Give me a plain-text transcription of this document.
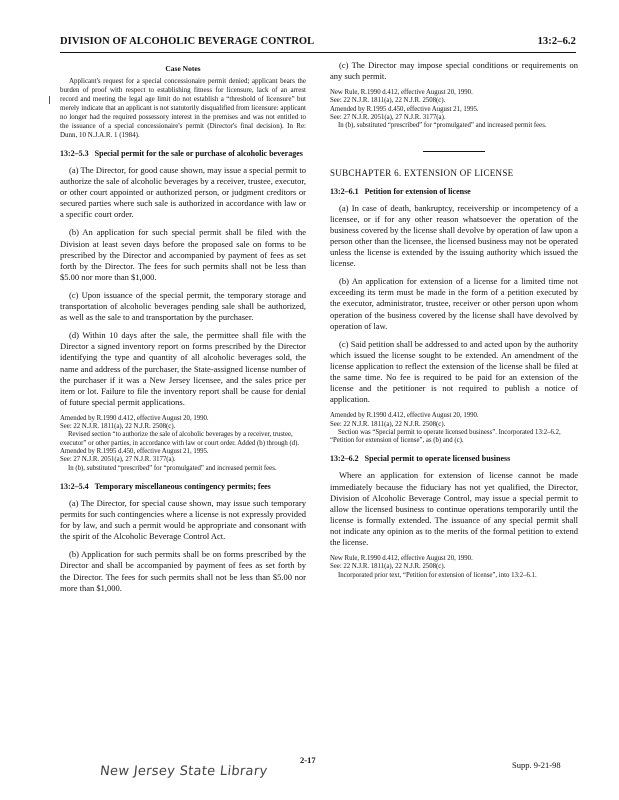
DIVISION OF ALCOHOLIC BEVERAGE CONTROL	13:2–6.2
Case Notes

Applicant's request for a special concessionaire permit denied; applicant bears the burden of proof with respect to establishing fitness for licensure, lack of an arrest record and meeting the legal age limit do not establish a “threshold of licensure” but merely indicate that an applicant is not statutorily disqualified from licensure: applicant no longer had the required possessory interest in the premises and was not entitled to the issuance of a special concessionaire's permit (Director's final decision). In Re: Dunn, 10 N.J.A.R. 1 (1984).

13:2–5.3 Special permit for the sale or purchase of alcoholic beverages

(a) The Director, for good cause shown, may issue a special permit to authorize the sale of alcoholic beverages by a receiver, trustee, executor, or other court appointed or authorized person, or judgment creditors or secured parties where such sale is authorized in accordance with law or a specific court order.

(b) An application for such special permit shall be filed with the Division at least seven days before the proposed sale on forms to be prescribed by the Director and accompanied by payment of fees as set forth by the Director. The fees for such permits shall not be less than $5.00 nor more than $1,000.

(c) Upon issuance of the special permit, the temporary storage and transportation of alcoholic beverages pending sale shall be authorized, as well as the sale to and transportation by the purchaser.

(d) Within 10 days after the sale, the permittee shall file with the Director a signed inventory report on forms prescribed by the Director identifying the type and quantity of all alcoholic beverages sold, the name and address of the purchaser, the State-assigned license number of the purchaser if it was a New Jersey licensee, and the sales price per item or lot. Failure to file the inventory report shall be cause for denial of future special permit applications.

Amended by R.1990 d.412, effective August 20, 1990.

See: 22 N.J.R. 1811(a), 22 N.J.R. 2508(c).

Revised section “to authorize the sale of alcoholic beverages by a receiver, trustee, executor” or other parties, in accordance with law or court order. Added (b) through (d).

Amended by R.1995 d.450, effective August 21, 1995.

See: 27 N.J.R. 2051(a), 27 N.J.R. 3177(a).

In (b), substituted “prescribed” for “promulgated” and increased permit fees.

13:2–5.4 Temporary miscellaneous contingency permits; fees

(a) The Director, for special cause shown, may issue such temporary permits for such contingencies where a license is not expressly provided for by law, and such a permit would be appropriate and consonant with the spirit of the Alcoholic Beverage Control Act.

(b) Application for such permits shall be on forms prescribed by the Director and shall be accompanied by payment of fees as set forth by the Director. The fees for such permits shall not be less than $5.00 nor more than $1,000.

(c) The Director may impose special conditions or requirements on any such permit.

New Rule, R.1990 d.412, effective August 20, 1990.

See: 22 N.J.R. 1811(a), 22 N.J.R. 2508(c).

Amended by R.1995 d.450, effective August 21, 1995.

See: 27 N.J.R. 2051(a), 27 N.J.R. 3177(a).

In (b), substituted “prescribed” for “promulgated” and increased permit fees.

SUBCHAPTER 6. EXTENSION OF LICENSE
13:2–6.1 Petition for extension of license

(a) In case of death, bankruptcy, receivership or incompetency of a licensee, or if for any other reason whatsoever the operation of the business covered by the license shall devolve by operation of law upon a person other than the licensee, the licensed business may not be operated unless the license is extended by the issuing authority which issued the license.

(b) An application for extension of a license for a limited time not exceeding its term must be made in the form of a petition executed by the executor, administrator, trustee, receiver or other person upon whom operation of the business covered by the license shall have devolved by operation of law.

(c) Said petition shall be addressed to and acted upon by the authority which issued the license sought to be extended. An amendment of the license application to reflect the extension of the license shall be filed at the same time. No fee is required to be paid for an extension of the license and the petitioner is not required to publish a notice of application.

Amended by R.1990 d.412, effective August 20, 1990.

See: 22 N.J.R. 1811(a), 22 N.J.R. 2508(c).

Section was “Special permit to operate licensed business”. Incorporated 13:2–6.2, “Petition for extension of license”, as (b) and (c).

13:2–6.2 Special permit to operate licensed business

Where an application for extension of license cannot be made immediately because the fiduciary has not yet qualified, the Director, Division of Alcoholic Beverage Control, may issue a special permit to allow the licensed business to continue operations temporarily until the license is formally extended. The issuance of any special permit shall not indicate any opinion as to the merits of the formal petition to extend the license.

New Rule, R.1990 d.412, effective August 20, 1990.

See: 22 N.J.R. 1811(a), 22 N.J.R. 2508(c).

Incorporated prior text, “Petition for extension of license”, into 13:2–6.1.

New Jersey State Library
2-17	Supp. 9-21-98
